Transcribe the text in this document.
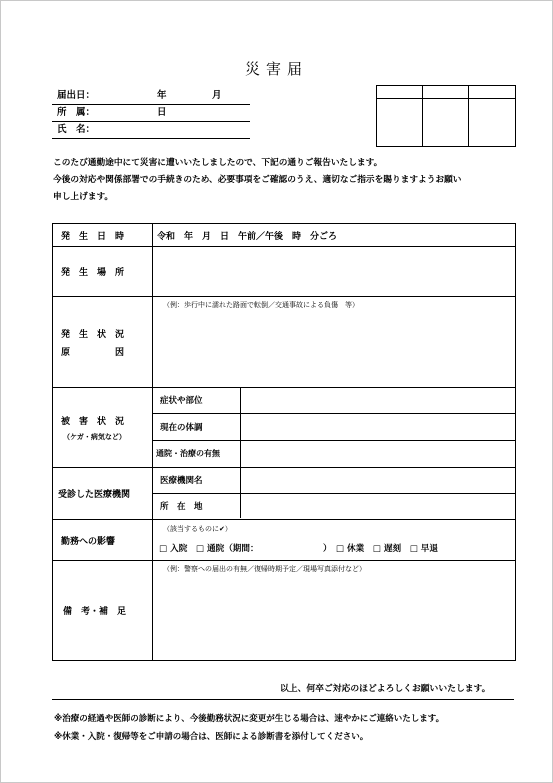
災害届
届出日：	年　月　日
所　属：
氏　名：
このたび通勤途中にて災害に遭いいたしましたので、下記の通りご報告いたします。
今後の対応や関係部署での手続きのため、必要事項をご確認のうえ、適切なご指示を賜りますようお願い
申し上げます。
発　生　日　時	令和　年　月　日　午前／午後　時　分ごろ
発　生　場　所
発　生　状　況
原　　　　　因
（例：歩行中に濡れた路面で転倒／交通事故による負傷　等）
被　害　状　況
（ケガ・病気など）
症状や部位
現在の体調
通院・治療の有無
受診した医療機関
医療機関名
所　在　地
勤務への影響
（該当するものに✔）
□ 入院　□ 通院（期間：　　　　　　　　）　□ 休業　□ 遅刻　□ 早退
備　考・補　足
（例：警察への届出の有無／復帰時期予定／現場写真添付など）
以上、何卒ご対応のほどよろしくお願いいたします。
※治療の経過や医師の診断により、今後勤務状況に変更が生じる場合は、速やかにご連絡いたします。
※休業・入院・復帰等をご申請の場合は、医師による診断書を添付してください。
